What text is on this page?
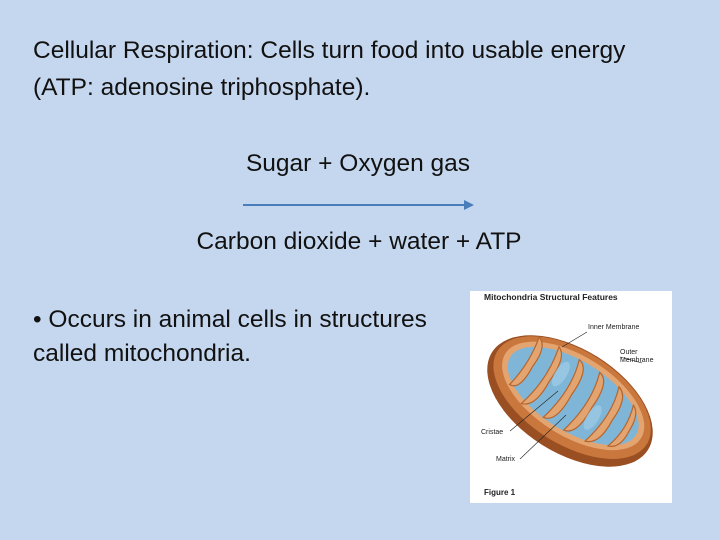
Cellular Respiration: Cells turn food into usable energy (ATP: adenosine triphosphate).

Sugar + Oxygen gas
Carbon dioxide + water + ATP
• Occurs in animal cells in structures called mitochondria.
Mitochondria Structural Features
Inner Membrane
Outer Membrane
Cristae
Matrix
Figure 1
